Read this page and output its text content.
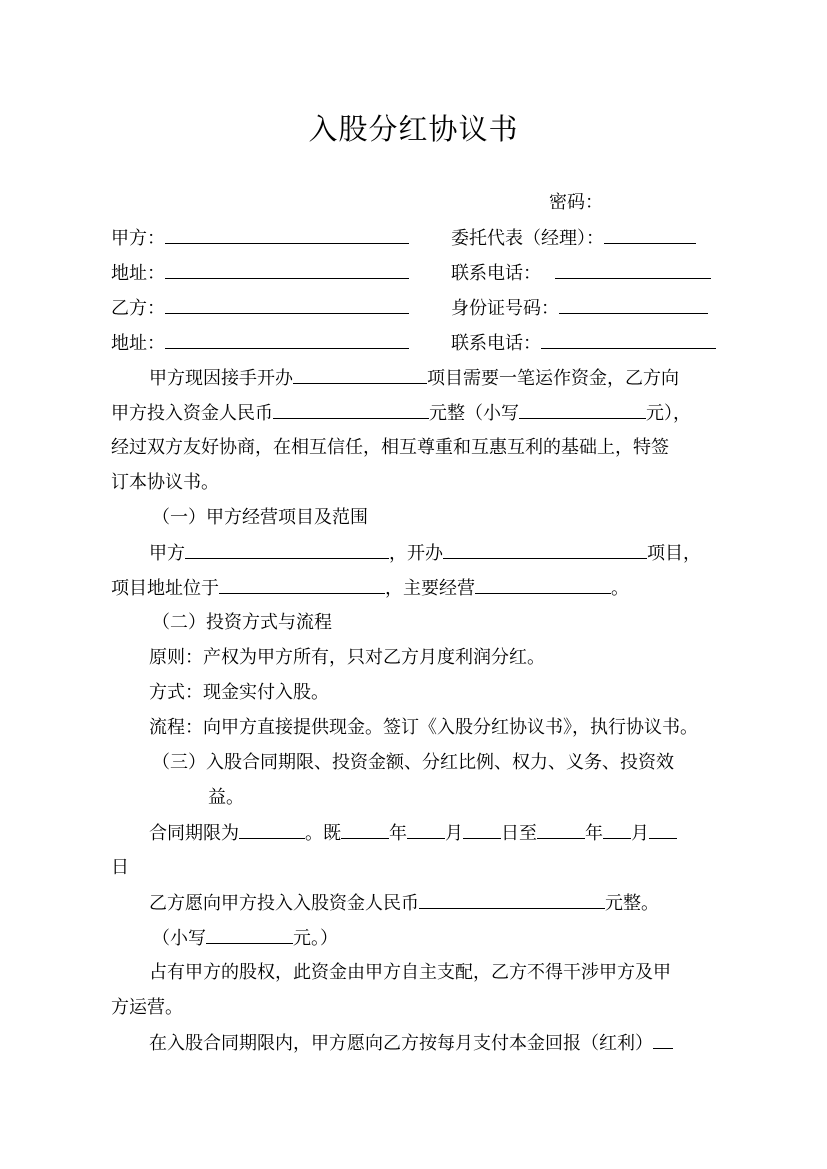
入股分红协议书
密码：
甲方：	委托代表（经理）：
地址：	联系电话：
乙方：	身份证号码：
地址：	联系电话：
甲方现因接手开办	项目需要一笔运作资金，乙方向
甲方投入资金人民币	元整（小写	元），
经过双方友好协商，在相互信任，相互尊重和互惠互利的基础上，特签
订本协议书。
（一）甲方经营项目及范围
甲方	，开办	项目，
项目地址位于	，主要经营	。
（二）投资方式与流程
原则：产权为甲方所有，只对乙方月度利润分红。
方式：现金实付入股。
流程：向甲方直接提供现金。签订《入股分红协议书》，执行协议书。
（三）入股合同期限、投资金额、分红比例、权力、义务、投资效
益。
合同期限为	。既	年 月 日至	年 月
日
乙方愿向甲方投入入股资金人民币	元整。
（小写	元。）
占有甲方的股权，此资金由甲方自主支配，乙方不得干涉甲方及甲
方运营。
在入股合同期限内，甲方愿向乙方按每月支付本金回报（红利）
